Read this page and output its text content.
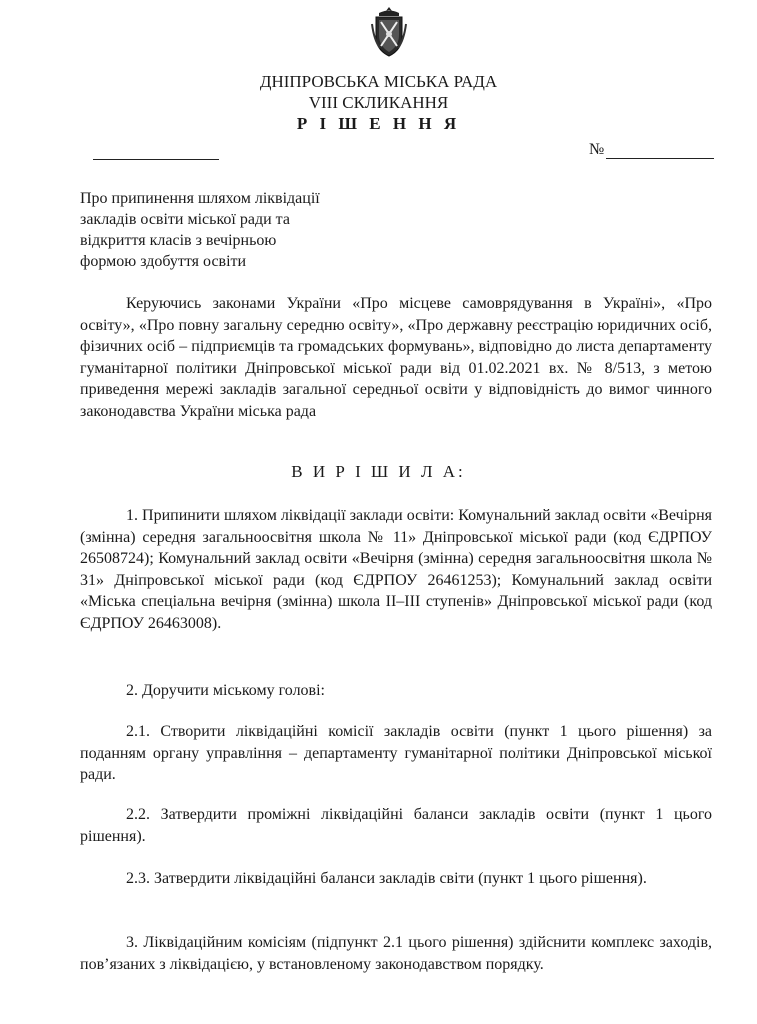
ДНІПРОВСЬКА МІСЬКА РАДА
VIII СКЛИКАННЯ
Р І Ш Е Н Н Я
№
Про припинення шляхом ліквідації
закладів освіти міської ради та
відкриття класів з вечірньою
формою здобуття освіти

Керуючись законами України «Про місцеве самоврядування в Україні», «Про освіту», «Про повну загальну середню освіту», «Про державну реєстрацію юридичних осіб, фізичних осіб – підприємців та громадських формувань», відповідно до листа департаменту гуманітарної політики Дніпровської міської ради від 01.02.2021 вх. № 8/513, з метою приведення мережі закладів загальної середньої освіти у відповідність до вимог чинного законодавства України міська рада

В И Р І Ш И Л А:

1. Припинити шляхом ліквідації заклади освіти: Комунальний заклад освіти «Вечірня (змінна) середня загальноосвітня школа № 11» Дніпровської міської ради (код ЄДРПОУ 26508724); Комунальний заклад освіти «Вечірня (змінна) середня загальноосвітня школа № 31» Дніпровської міської ради (код ЄДРПОУ 26461253); Комунальний заклад освіти «Міська спеціальна вечірня (змінна) школа ІІ–ІІІ ступенів» Дніпровської міської ради (код ЄДРПОУ 26463008).

2. Доручити міському голові:

2.1. Створити ліквідаційні комісії закладів освіти (пункт 1 цього рішення) за поданням органу управління – департаменту гуманітарної політики Дніпровської міської ради.

2.2. Затвердити проміжні ліквідаційні баланси закладів освіти (пункт 1 цього рішення).

2.3. Затвердити ліквідаційні баланси закладів світи (пункт 1 цього рішення).

3. Ліквідаційним комісіям (підпункт 2.1 цього рішення) здійснити комплекс заходів, пов’язаних з ліквідацією, у встановленому законодавством порядку.
